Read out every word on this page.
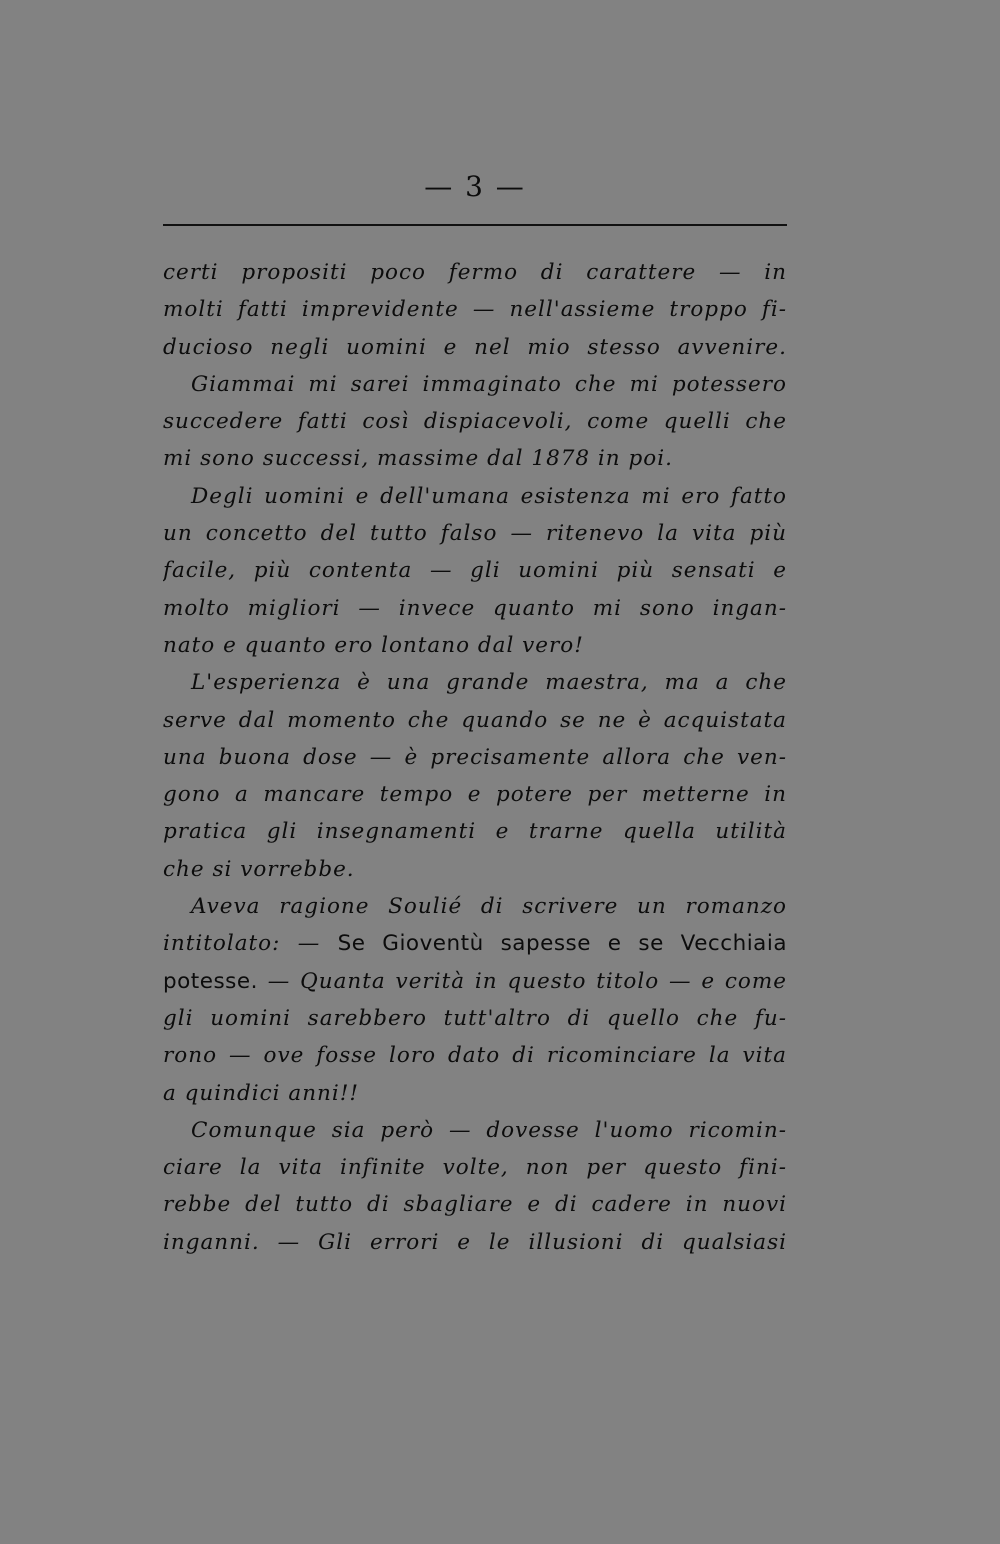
— 3 —
certi propositi poco fermo di carattere — in
molti fatti imprevidente — nell'assieme troppo fi-
ducioso negli uomini e nel mio stesso avvenire.
Giammai mi sarei immaginato che mi potessero
succedere fatti così dispiacevoli, come quelli che
mi sono successi, massime dal 1878 in poi.
Degli uomini e dell'umana esistenza mi ero fatto
un concetto del tutto falso — ritenevo la vita più
facile, più contenta — gli uomini più sensati e
molto migliori — invece quanto mi sono ingan-
nato e quanto ero lontano dal vero!
L'esperienza è una grande maestra, ma a che
serve dal momento che quando se ne è acquistata
una buona dose — è precisamente allora che ven-
gono a mancare tempo e potere per metterne in
pratica gli insegnamenti e trarne quella utilità
che si vorrebbe.
Aveva ragione Soulié di scrivere un romanzo
intitolato: — Se Gioventù sapesse e se Vecchiaia
potesse. — Quanta verità in questo titolo — e come
gli uomini sarebbero tutt'altro di quello che fu-
rono — ove fosse loro dato di ricominciare la vita
a quindici anni!!
Comunque sia però — dovesse l'uomo ricomin-
ciare la vita infinite volte, non per questo fini-
rebbe del tutto di sbagliare e di cadere in nuovi
inganni. — Gli errori e le illusioni di qualsiasi
